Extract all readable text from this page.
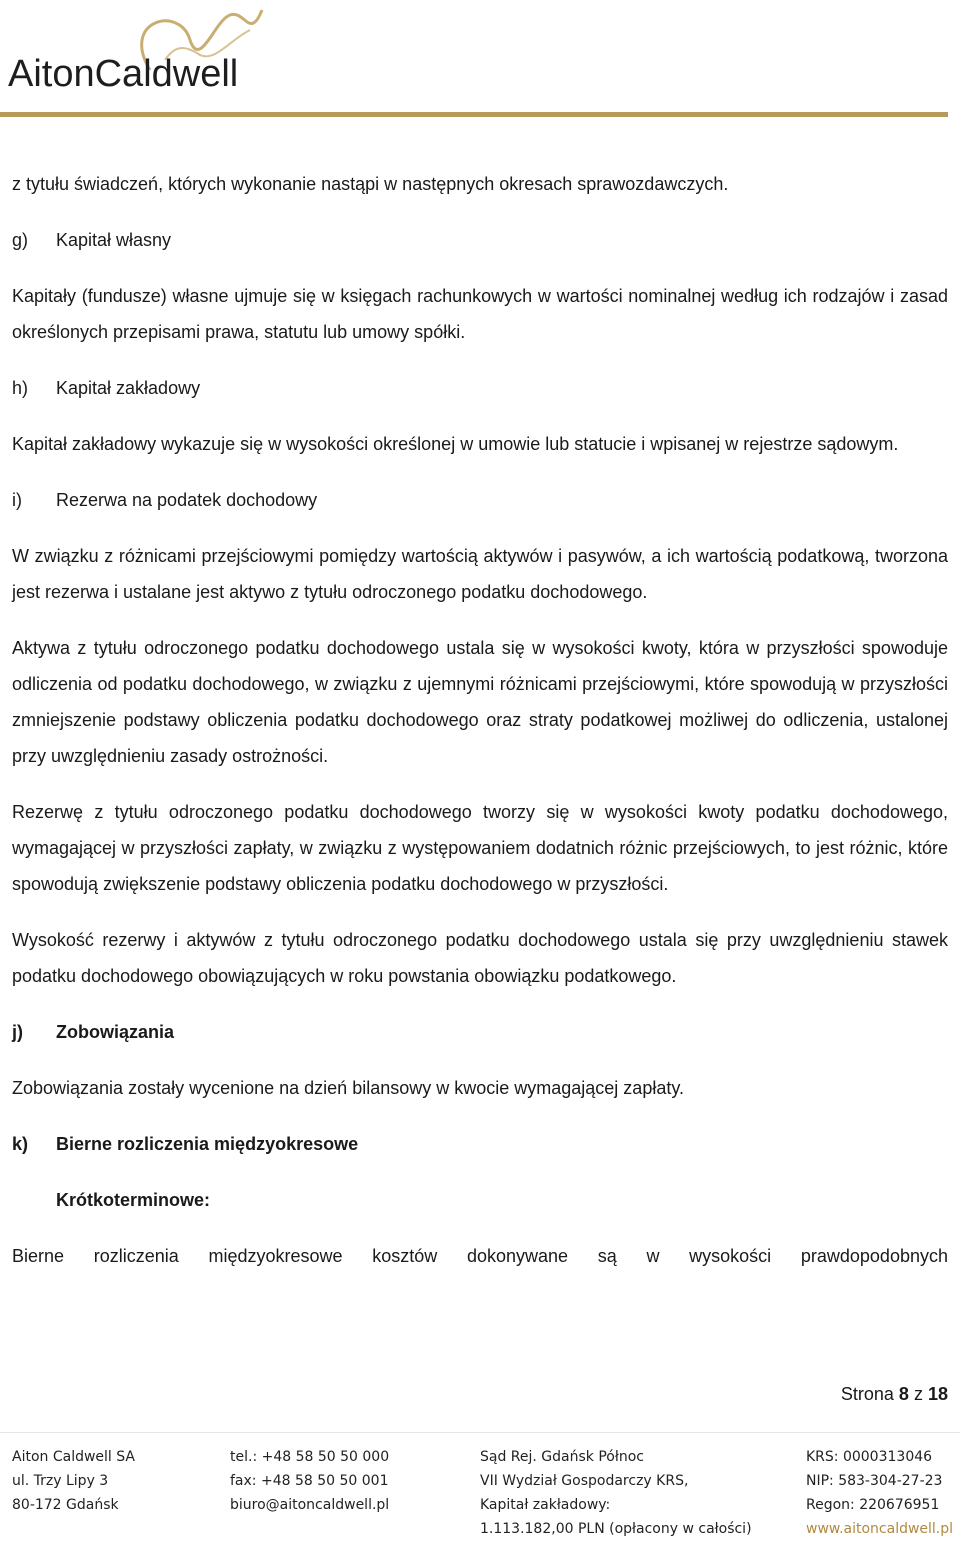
AitonCaldwell

z tytułu świadczeń, których wykonanie nastąpi w następnych okresach sprawozdawczych.

g)	Kapitał własny

Kapitały (fundusze) własne ujmuje się w księgach rachunkowych w wartości nominalnej według ich rodzajów i zasad określonych przepisami prawa, statutu lub umowy spółki.

h)	Kapitał zakładowy

Kapitał zakładowy wykazuje się w wysokości określonej w umowie lub statucie i wpisanej w rejestrze sądowym.

i)	Rezerwa na podatek dochodowy

W związku z różnicami przejściowymi pomiędzy wartością aktywów i pasywów, a ich wartością podatkową, tworzona jest rezerwa i ustalane jest aktywo z tytułu odroczonego podatku dochodowego.

Aktywa z tytułu odroczonego podatku dochodowego ustala się w wysokości kwoty, która w przyszłości spowoduje odliczenia od podatku dochodowego, w związku z ujemnymi różnicami przejściowymi, które spowodują w przyszłości zmniejszenie podstawy obliczenia podatku dochodowego oraz straty podatkowej możliwej do odliczenia, ustalonej przy uwzględnieniu zasady ostrożności.

Rezerwę z tytułu odroczonego podatku dochodowego tworzy się w wysokości kwoty podatku dochodowego, wymagającej w przyszłości zapłaty, w związku z występowaniem dodatnich różnic przejściowych, to jest różnic, które spowodują zwiększenie podstawy obliczenia podatku dochodowego w przyszłości.

Wysokość rezerwy i aktywów z tytułu odroczonego podatku dochodowego ustala się przy uwzględnieniu stawek podatku dochodowego obowiązujących w roku powstania obowiązku podatkowego.

j)	Zobowiązania

Zobowiązania zostały wycenione na dzień bilansowy w kwocie wymagającej zapłaty.

k)	Bierne rozliczenia międzyokresowe
Krótkoterminowe:

Bierne rozliczenia międzyokresowe kosztów dokonywane są w wysokości prawdopodobnych

Strona 8 z 18
Aiton Caldwell SA
ul. Trzy Lipy 3
80-172 Gdańsk
tel.: +48 58 50 50 000
fax: +48 58 50 50 001
biuro@aitoncaldwell.pl
Sąd Rej. Gdańsk Północ
VII Wydział Gospodarczy KRS,
Kapitał zakładowy:
1.113.182,00 PLN (opłacony w całości)
KRS: 0000313046
NIP: 583-304-27-23
Regon: 220676951
www.aitoncaldwell.pl
